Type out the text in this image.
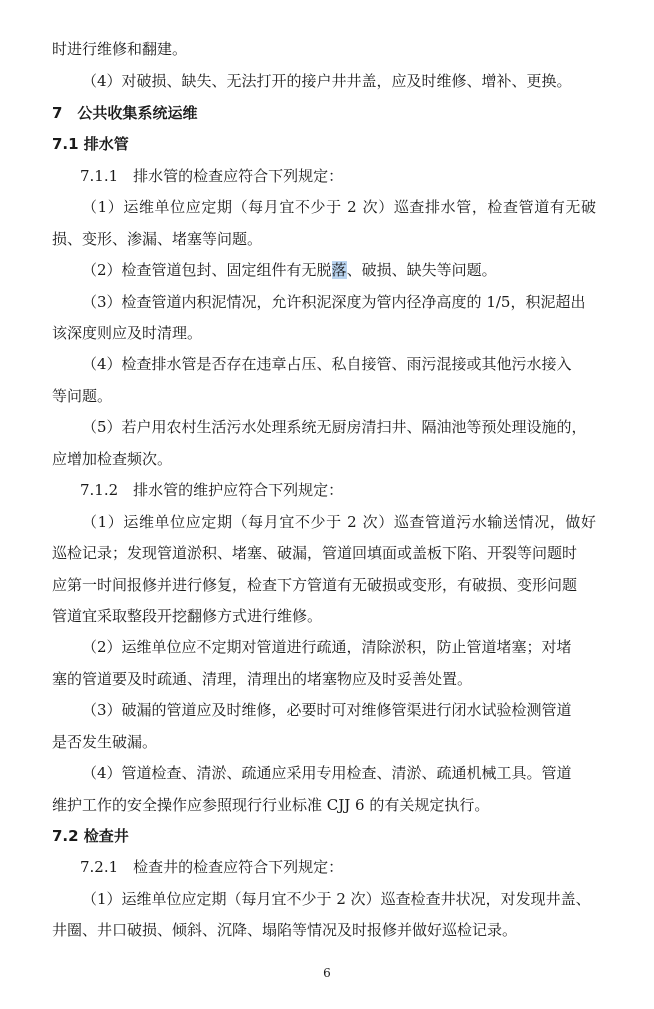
时进行维修和翻建。
（4）对破损、缺失、无法打开的接户井井盖，应及时维修、增补、更换。
7　公共收集系统运维
7.1 排水管
7.1.1　排水管的检查应符合下列规定：
（1）运维单位应定期（每月宜不少于 2 次）巡查排水管，检查管道有无破
损、变形、渗漏、堵塞等问题。
（2）检查管道包封、固定组件有无脱落、破损、缺失等问题。
（3）检查管道内积泥情况，允许积泥深度为管内径净高度的 1/5，积泥超出
该深度则应及时清理。
（4）检查排水管是否存在违章占压、私自接管、雨污混接或其他污水接入
等问题。
（5）若户用农村生活污水处理系统无厨房清扫井、隔油池等预处理设施的，
应增加检查频次。
7.1.2　排水管的维护应符合下列规定：
（1）运维单位应定期（每月宜不少于 2 次）巡查管道污水输送情况，做好
巡检记录；发现管道淤积、堵塞、破漏，管道回填面或盖板下陷、开裂等问题时
应第一时间报修并进行修复，检查下方管道有无破损或变形，有破损、变形问题
管道宜采取整段开挖翻修方式进行维修。
（2）运维单位应不定期对管道进行疏通，清除淤积，防止管道堵塞；对堵
塞的管道要及时疏通、清理，清理出的堵塞物应及时妥善处置。
（3）破漏的管道应及时维修，必要时可对维修管渠进行闭水试验检测管道
是否发生破漏。
（4）管道检查、清淤、疏通应采用专用检查、清淤、疏通机械工具。管道
维护工作的安全操作应参照现行行业标准 CJJ 6 的有关规定执行。
7.2 检查井
7.2.1　检查井的检查应符合下列规定：
（1）运维单位应定期（每月宜不少于 2 次）巡查检查井状况，对发现井盖、
井圈、井口破损、倾斜、沉降、塌陷等情况及时报修并做好巡检记录。
6
